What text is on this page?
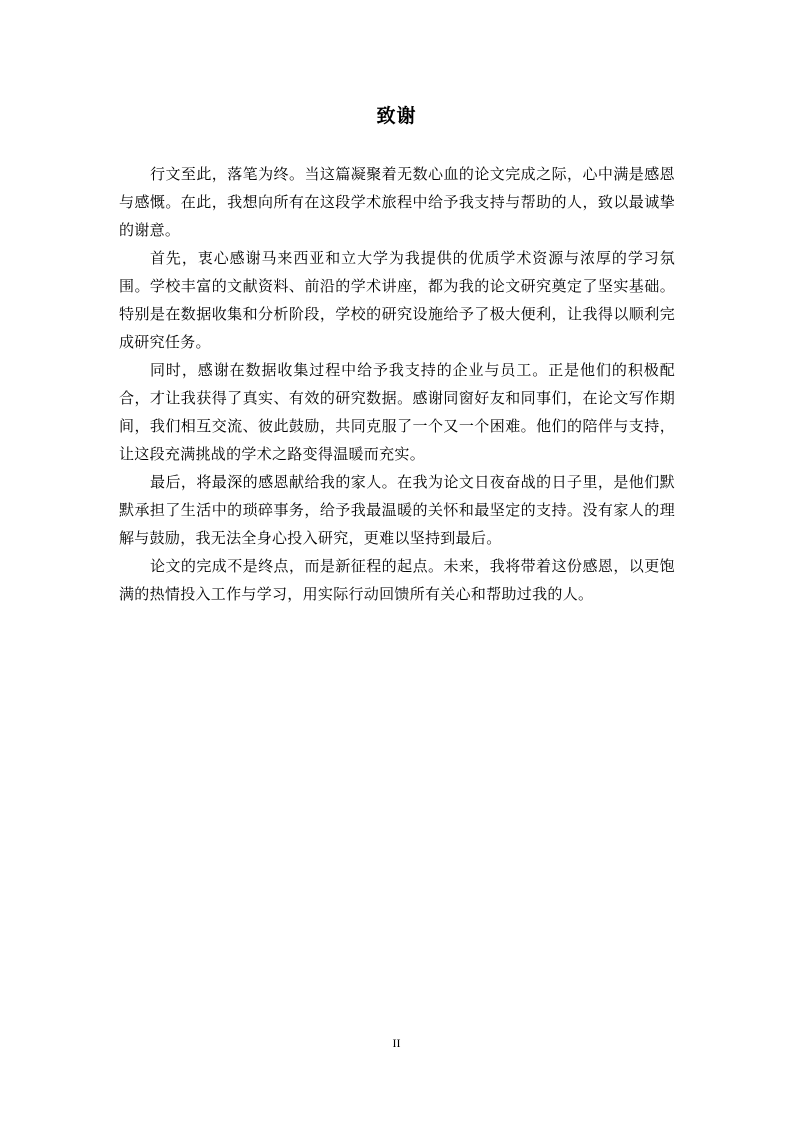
致谢

行文至此，落笔为终。当这篇凝聚着无数心血的论文完成之际，心中满是感恩与感慨。在此，我想向所有在这段学术旅程中给予我支持与帮助的人，致以最诚挚的谢意。

首先，衷心感谢马来西亚和立大学为我提供的优质学术资源与浓厚的学习氛围。学校丰富的文献资料、前沿的学术讲座，都为我的论文研究奠定了坚实基础。特别是在数据收集和分析阶段，学校的研究设施给予了极大便利，让我得以顺利完成研究任务。

同时，感谢在数据收集过程中给予我支持的企业与员工。正是他们的积极配合，才让我获得了真实、有效的研究数据。感谢同窗好友和同事们，在论文写作期间，我们相互交流、彼此鼓励，共同克服了一个又一个困难。他们的陪伴与支持，让这段充满挑战的学术之路变得温暖而充实。

最后，将最深的感恩献给我的家人。在我为论文日夜奋战的日子里，是他们默默承担了生活中的琐碎事务，给予我最温暖的关怀和最坚定的支持。没有家人的理解与鼓励，我无法全身心投入研究，更难以坚持到最后。

论文的完成不是终点，而是新征程的起点。未来，我将带着这份感恩，以更饱满的热情投入工作与学习，用实际行动回馈所有关心和帮助过我的人。

II
